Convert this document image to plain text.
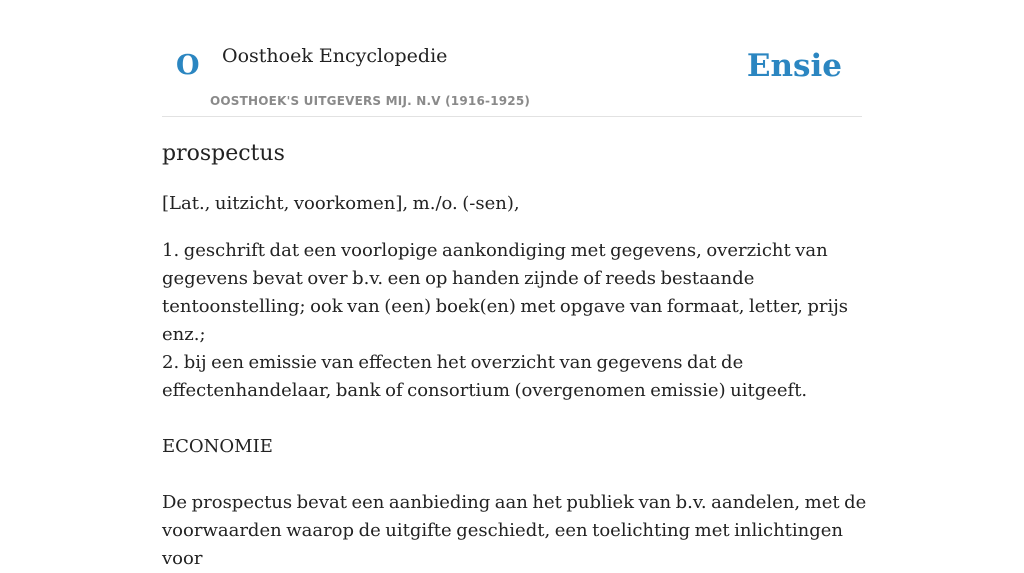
O Oosthoek Encyclopedie
OOSTHOEK'S UITGEVERS MIJ. N.V (1916-1925)
Ensie
prospectus

[Lat., uitzicht, voorkomen], m./o. (-sen),

1. geschrift dat een voorlopige aankondiging met gegevens, overzicht van gegevens bevat over b.v. een op handen zijnde of reeds bestaande tentoonstelling; ook van (een) boek(en) met opgave van formaat, letter, prijs enz.;

2. bij een emissie van effecten het overzicht van gegevens dat de effectenhandelaar, bank of consortium (overgenomen emissie) uitgeeft.

ECONOMIE

De prospectus bevat een aanbieding aan het publiek van b.v. aandelen, met de voorwaarden waarop de uitgifte geschiedt, een toelichting met inlichtingen voor
